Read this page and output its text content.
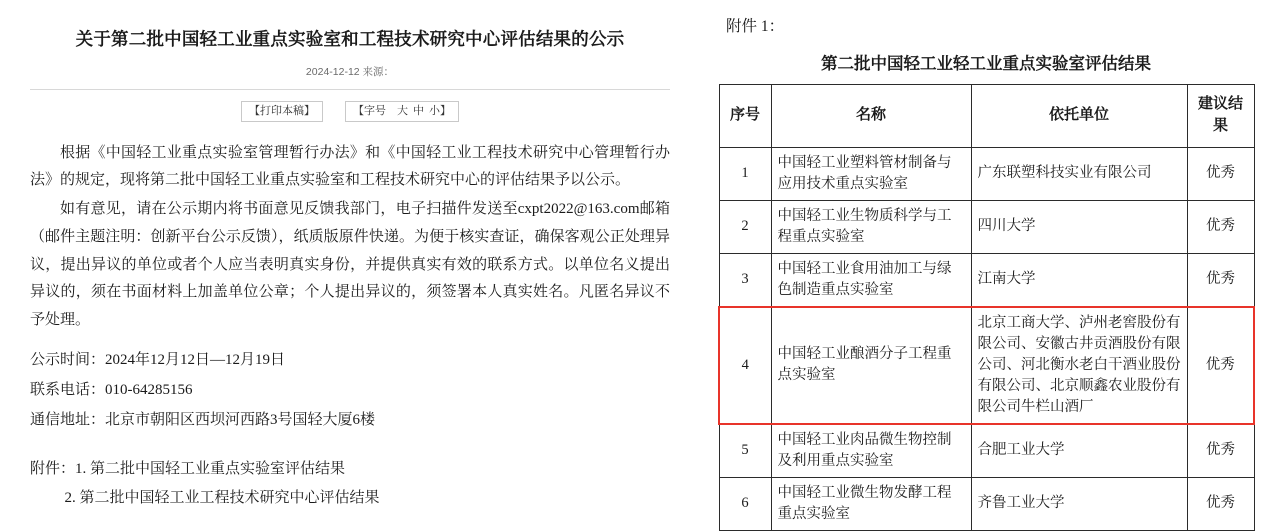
关于第二批中国轻工业重点实验室和工程技术研究中心评估结果的公示
2024-12-12 来源：
【打印本稿】	【字号 大 中 小】

根据《中国轻工业重点实验室管理暂行办法》和《中国轻工业工程技术研究中心管理暂行办法》的规定，现将第二批中国轻工业重点实验室和工程技术研究中心的评估结果予以公示。

如有意见，请在公示期内将书面意见反馈我部门，电子扫描件发送至cxpt2022@163.com邮箱（邮件主题注明：创新平台公示反馈），纸质版原件快递。为便于核实查证，确保客观公正处理异议，提出异议的单位或者个人应当表明真实身份，并提供真实有效的联系方式。以单位名义提出异议的，须在书面材料上加盖单位公章；个人提出异议的，须签署本人真实姓名。凡匿名异议不予处理。

公示时间：2024年12月12日—12月19日

联系电话：010-64285156

通信地址：北京市朝阳区西坝河西路3号国轻大厦6楼

附件：1. 第二批中国轻工业重点实验室评估结果
2. 第二批中国轻工业工程技术研究中心评估结果
附件 1：
第二批中国轻工业轻工业重点实验室评估结果
序号	名称	依托单位	建议结果
1	中国轻工业塑料管材制备与应用技术重点实验室	广东联塑科技实业有限公司	优秀
2	中国轻工业生物质科学与工程重点实验室	四川大学	优秀
3	中国轻工业食用油加工与绿色制造重点实验室	江南大学	优秀
4	中国轻工业酿酒分子工程重点实验室	北京工商大学、泸州老窖股份有限公司、安徽古井贡酒股份有限公司、河北衡水老白干酒业股份有限公司、北京顺鑫农业股份有限公司牛栏山酒厂	优秀
5	中国轻工业肉品微生物控制及利用重点实验室	合肥工业大学	优秀
6	中国轻工业微生物发酵工程重点实验室	齐鲁工业大学	优秀
